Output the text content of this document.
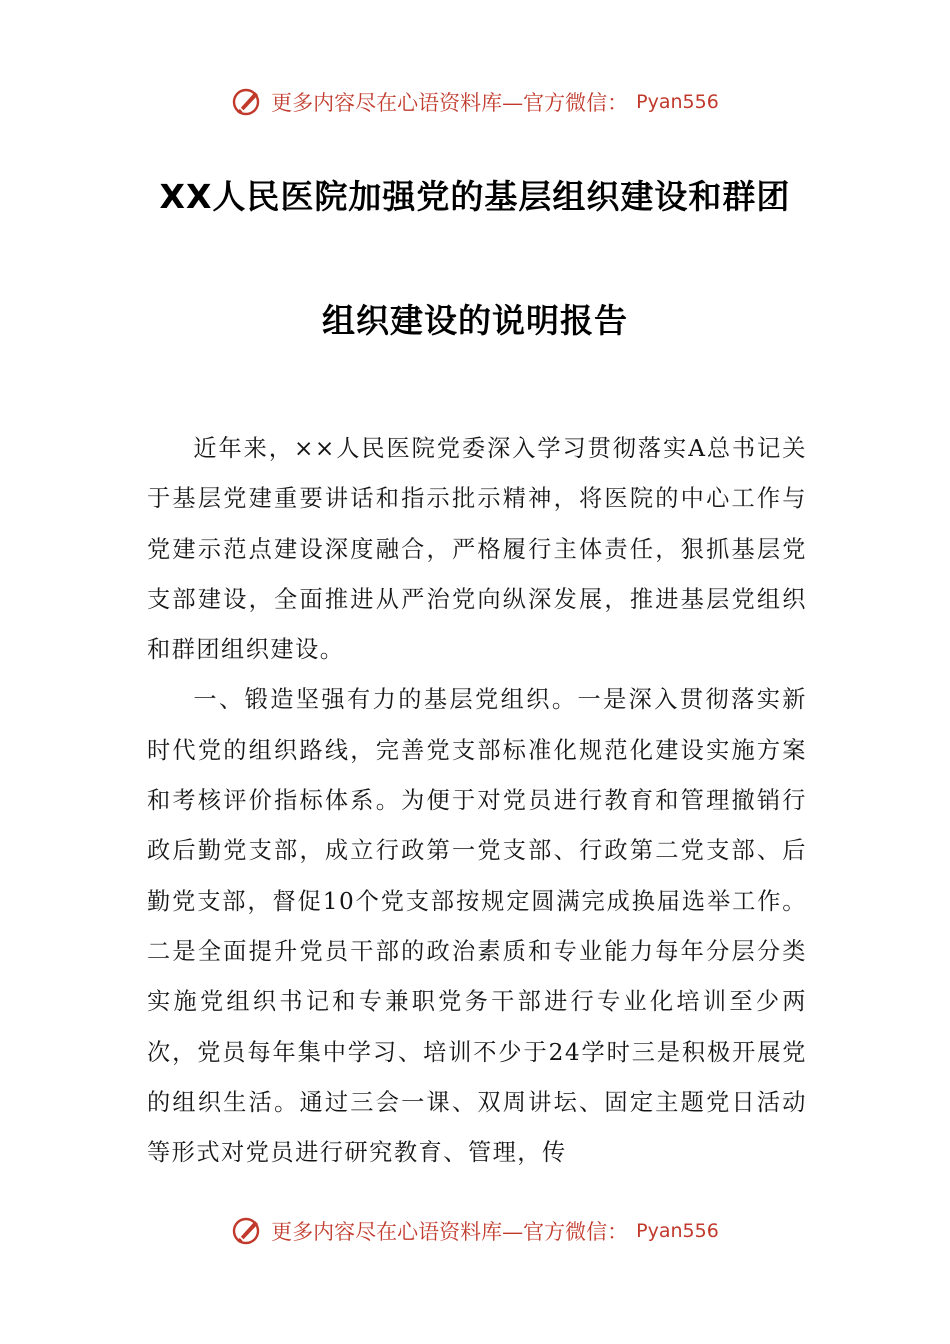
更多内容尽在心语资料库—官方微信： Pyan556
XX人民医院加强党的基层组织建设和群团
组织建设的说明报告

近年来，××人民医院党委深入学习贯彻落实A总书记关于基层党建重要讲话和指示批示精神，将医院的中心工作与党建示范点建设深度融合，严格履行主体责任，狠抓基层党支部建设，全面推进从严治党向纵深发展，推进基层党组织和群团组织建设。

一、锻造坚强有力的基层党组织。一是深入贯彻落实新时代党的组织路线，完善党支部标准化规范化建设实施方案和考核评价指标体系。为便于对党员进行教育和管理撤销行政后勤党支部，成立行政第一党支部、行政第二党支部、后勤党支部，督促10个党支部按规定圆满完成换届选举工作。二是全面提升党员干部的政治素质和专业能力每年分层分类实施党组织书记和专兼职党务干部进行专业化培训至少两次，党员每年集中学习、培训不少于24学时三是积极开展党的组织生活。通过三会一课、双周讲坛、固定主题党日活动等形式对党员进行研究教育、管理，传

更多内容尽在心语资料库—官方微信： Pyan556
